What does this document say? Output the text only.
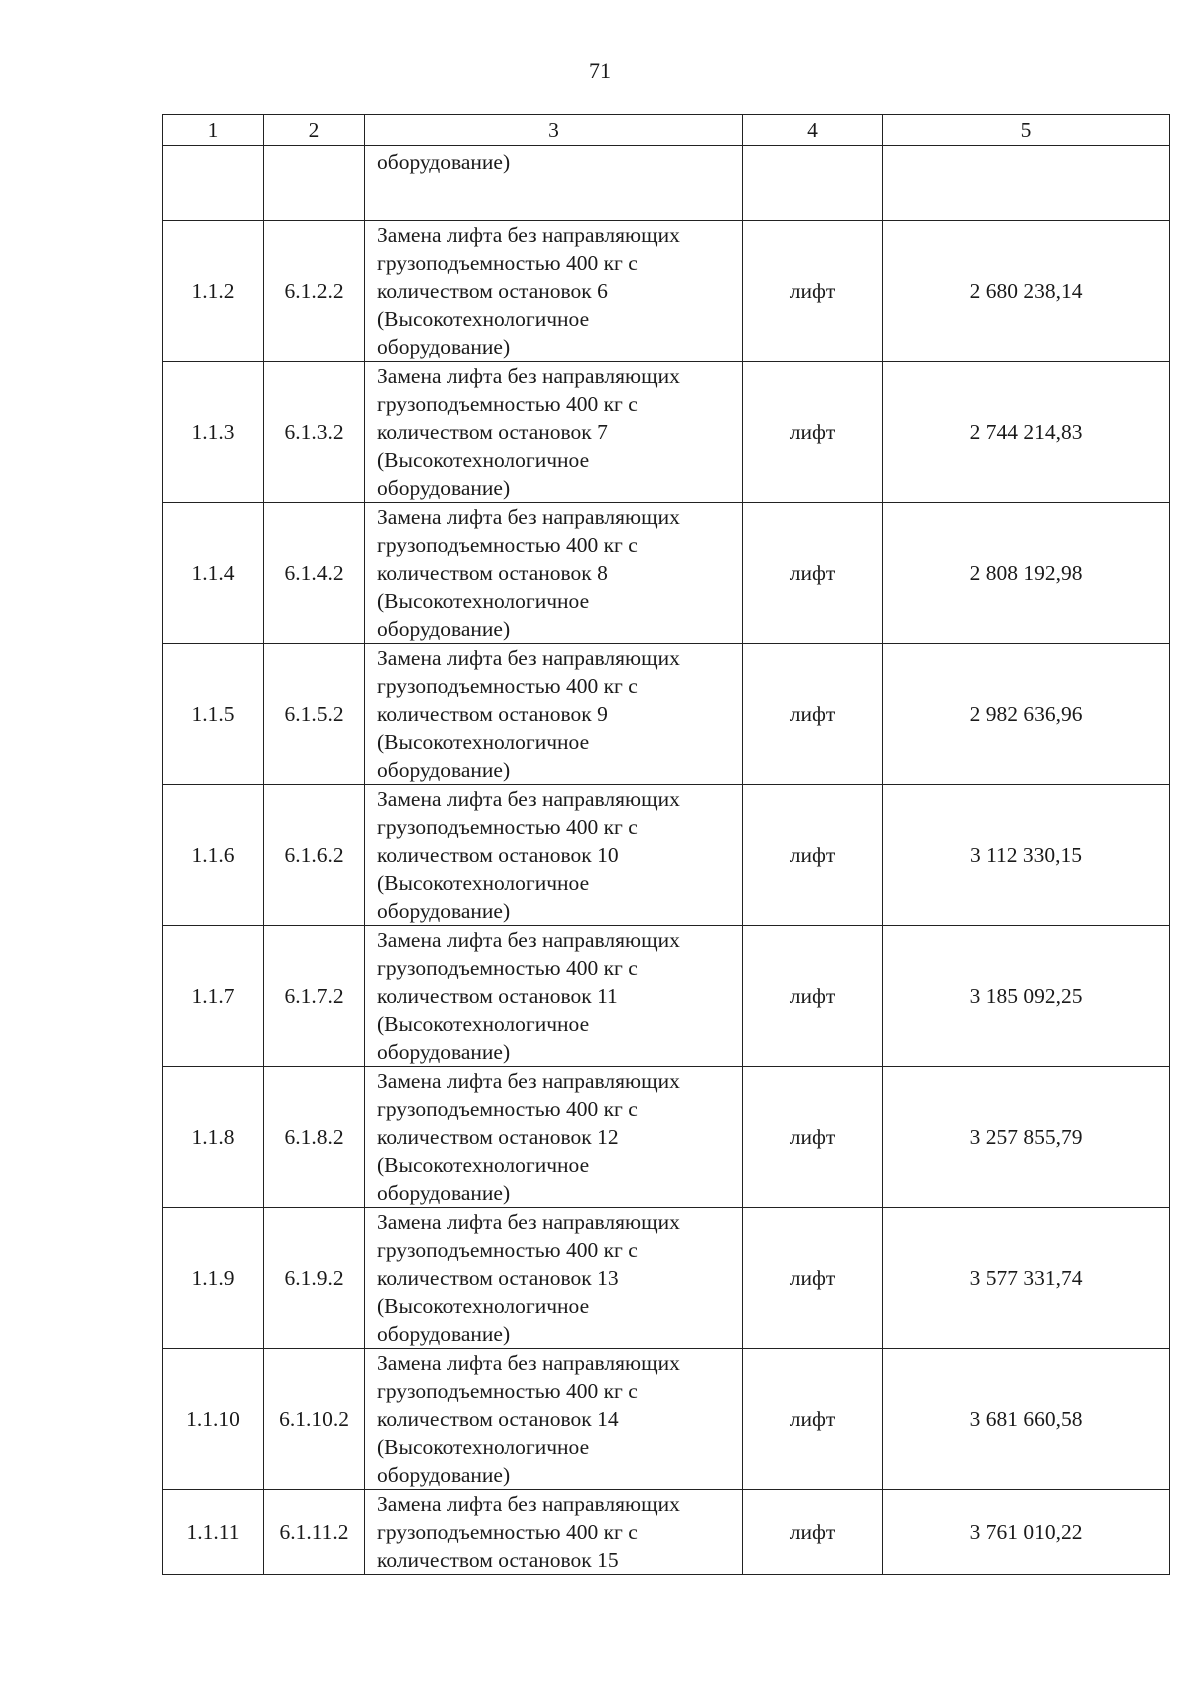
71
1	2	3	4	5
		оборудование)		
1.1.2	6.1.2.2	Замена лифта без направляющих
грузоподъемностью 400 кг с
количеством остановок 6
(Высокотехнологичное
оборудование)	лифт	2 680 238,14
1.1.3	6.1.3.2	Замена лифта без направляющих
грузоподъемностью 400 кг с
количеством остановок 7
(Высокотехнологичное
оборудование)	лифт	2 744 214,83
1.1.4	6.1.4.2	Замена лифта без направляющих
грузоподъемностью 400 кг с
количеством остановок 8
(Высокотехнологичное
оборудование)	лифт	2 808 192,98
1.1.5	6.1.5.2	Замена лифта без направляющих
грузоподъемностью 400 кг с
количеством остановок 9
(Высокотехнологичное
оборудование)	лифт	2 982 636,96
1.1.6	6.1.6.2	Замена лифта без направляющих
грузоподъемностью 400 кг с
количеством остановок 10
(Высокотехнологичное
оборудование)	лифт	3 112 330,15
1.1.7	6.1.7.2	Замена лифта без направляющих
грузоподъемностью 400 кг с
количеством остановок 11
(Высокотехнологичное
оборудование)	лифт	3 185 092,25
1.1.8	6.1.8.2	Замена лифта без направляющих
грузоподъемностью 400 кг с
количеством остановок 12
(Высокотехнологичное
оборудование)	лифт	3 257 855,79
1.1.9	6.1.9.2	Замена лифта без направляющих
грузоподъемностью 400 кг с
количеством остановок 13
(Высокотехнологичное
оборудование)	лифт	3 577 331,74
1.1.10	6.1.10.2	Замена лифта без направляющих
грузоподъемностью 400 кг с
количеством остановок 14
(Высокотехнологичное
оборудование)	лифт	3 681 660,58
1.1.11	6.1.11.2	Замена лифта без направляющих
грузоподъемностью 400 кг с
количеством остановок 15	лифт	3 761 010,22
